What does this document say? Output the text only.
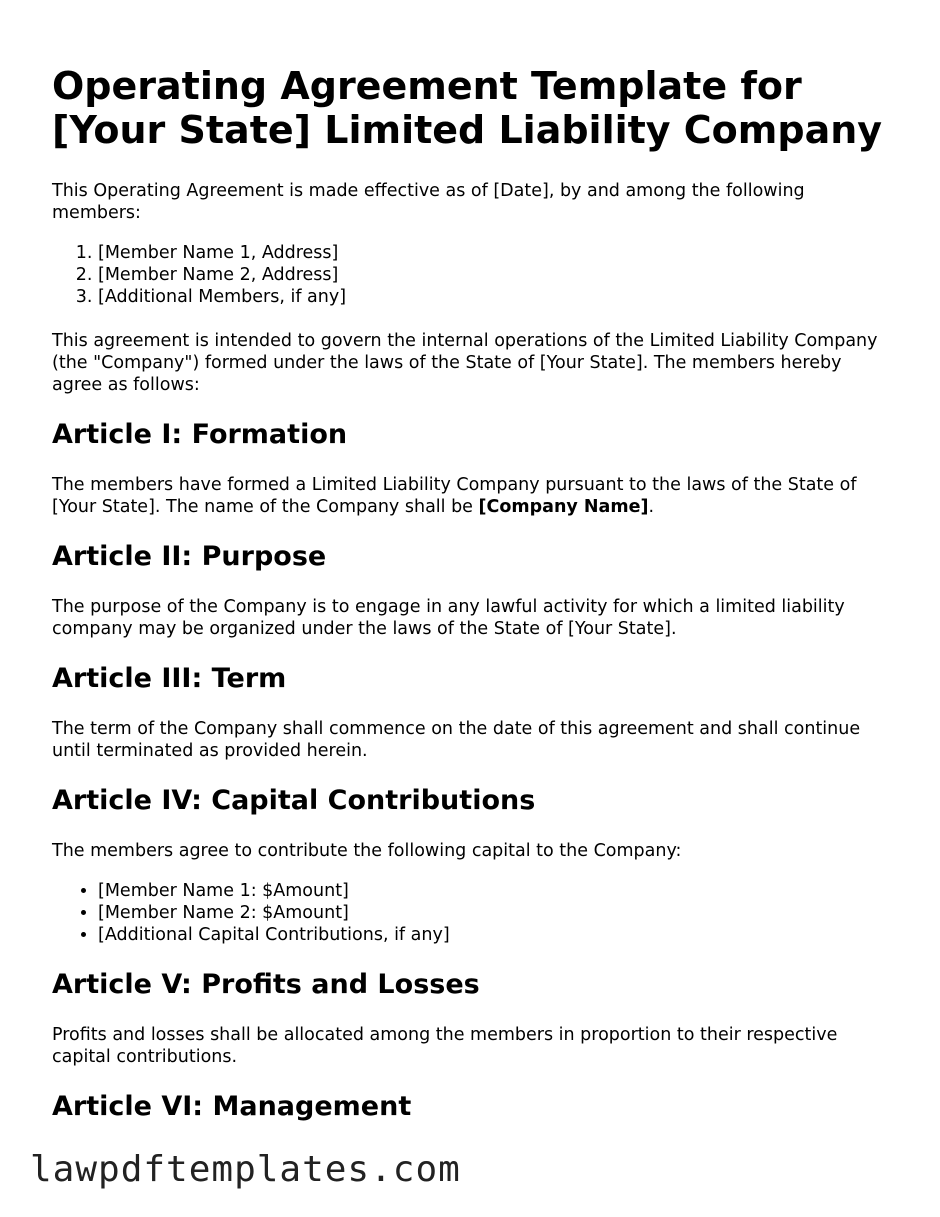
Operating Agreement Template for [Your State] Limited Liability Company

This Operating Agreement is made effective as of [Date], by and among the following members:

1. [Member Name 1, Address]
2. [Member Name 2, Address]
3. [Additional Members, if any]

This agreement is intended to govern the internal operations of the Limited Liability Company (the "Company") formed under the laws of the State of [Your State]. The members hereby agree as follows:

Article I: Formation

The members have formed a Limited Liability Company pursuant to the laws of the State of [Your State]. The name of the Company shall be [Company Name].

Article II: Purpose

The purpose of the Company is to engage in any lawful activity for which a limited liability company may be organized under the laws of the State of [Your State].

Article III: Term

The term of the Company shall commence on the date of this agreement and shall continue until terminated as provided herein.

Article IV: Capital Contributions

The members agree to contribute the following capital to the Company:

• [Member Name 1: $Amount]
• [Member Name 2: $Amount]
• [Additional Capital Contributions, if any]
Article V: Profits and Losses

Profits and losses shall be allocated among the members in proportion to their respective capital contributions.

Article VI: Management
lawpdftemplates.com
